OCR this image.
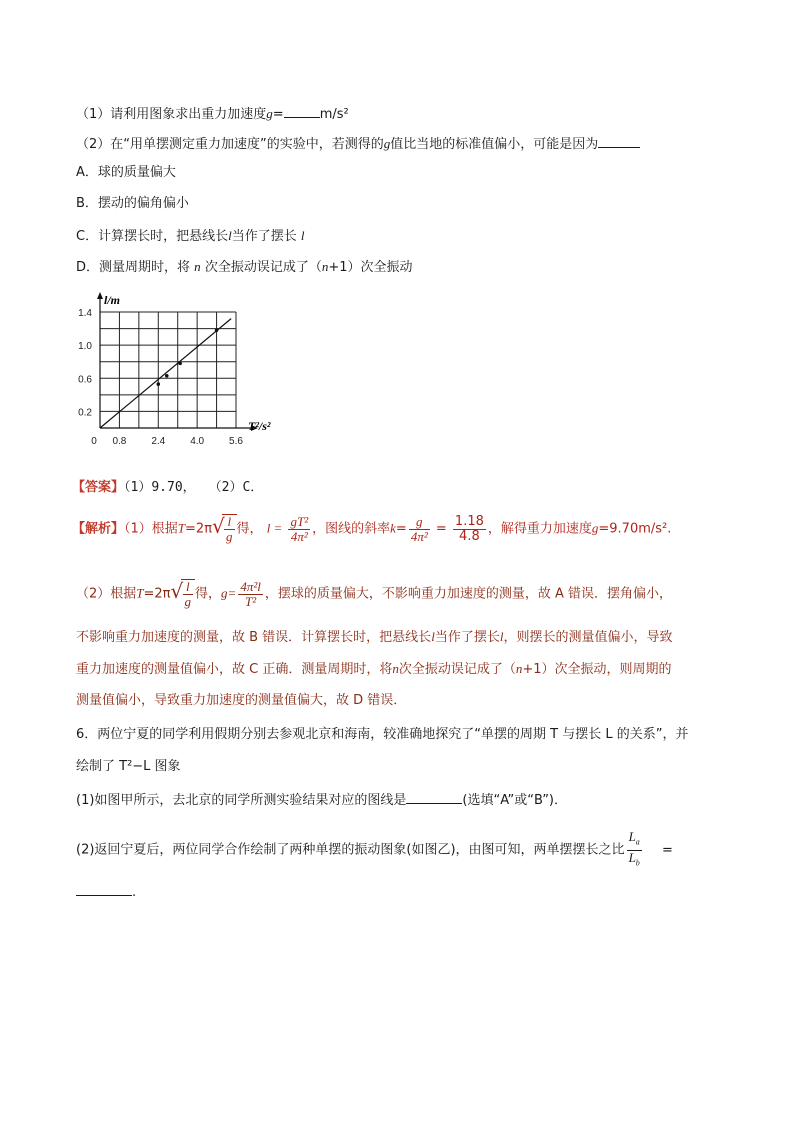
（1）请利用图象求出重力加速度g=	m/s²
（2）在“用单摆测定重力加速度”的实验中，若测得的g值比当地的标准值偏小，可能是因为
A．球的质量偏大
B．摆动的偏角偏小
C．计算摆长时，把悬线长l当作了摆长 l
D．测量周期时，将 n 次全振动误记成了（n+1）次全振动
0 0.8 2.4 4.0 5.6
1.4
1.0
0.6
0.2
l/m
T²/s²
【答案】（1）9.70，　　（2）C．
【解析】（1）根据T=2π √ $\frac{l}{g}$ 得， $l = \frac{\text{gT²}}{\text{4π²}}$ ，图线的斜率$k= \frac{g}{\text{4π²}} = \frac{1.18}{4.8}$ ，解得重力加速度g=9.70m/s².
（2）根据T=2π √ $\frac{l}{g}$ 得，$g= \frac{\text{4π²l}}{\text{T²}}$ ，摆球的质量偏大，不影响重力加速度的测量，故 A 错误．摆角偏小，
不影响重力加速度的测量，故 B 错误．计算摆长时，把悬线长l当作了摆长l，则摆长的测量值偏小，导致
重力加速度的测量值偏小，故 C 正确．测量周期时，将n次全振动误记成了（n+1）次全振动，则周期的
测量值偏小，导致重力加速度的测量值偏大，故 D 错误．
6．两位宁夏的同学利用假期分别去参观北京和海南，较准确地探究了“单摆的周期 T 与摆长 L 的关系”，并
绘制了 T²−L 图象
(1)如图甲所示，去北京的同学所测实验结果对应的图线是	(选填“A”或“B”)．
(2)返回宁夏后，两位同学合作绘制了两种单摆的振动图象(如图乙)，由图可知，两单摆摆长之比 $\frac{L_a}{L_b}$ =
.
